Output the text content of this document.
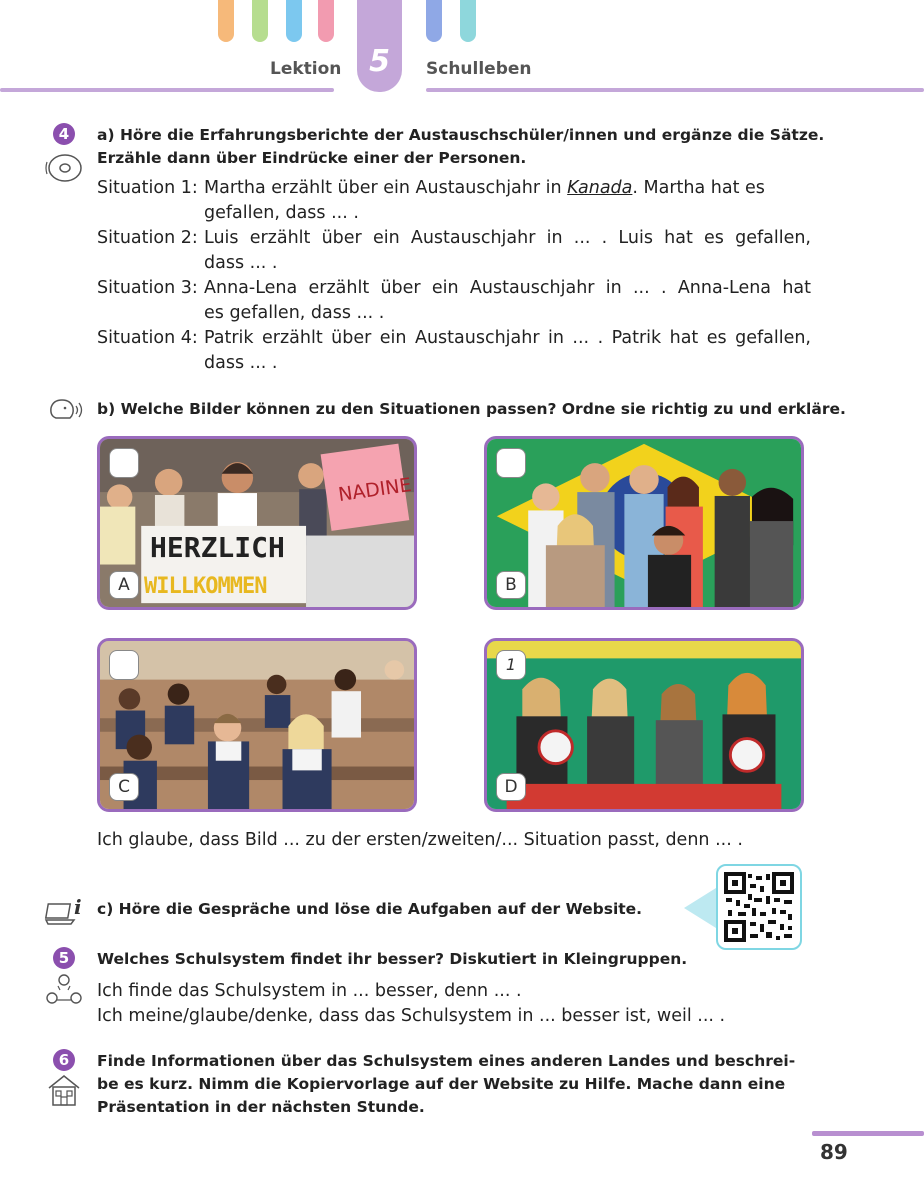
5
Lektion	Schulleben
4	a) Höre die Erfahrungsberichte der Austauschschüler/innen und ergänze die Sätze.
Erzähle dann über Eindrücke einer der Personen.
Situation 1: Martha erzählt über ein Austauschjahr in Kanada. Martha hat es
gefallen, dass ... .
Situation 2: Luis erzählt über ein Austauschjahr in ... . Luis hat es gefallen,
dass ... .
Situation 3: Anna-Lena erzählt über ein Austauschjahr in ... . Anna-Lena hat
es gefallen, dass ... .
Situation 4: Patrik erzählt über ein Austauschjahr in ... . Patrik hat es gefallen,
dass ... .
b) Welche Bilder können zu den Situationen passen? Ordne sie richtig zu und erkläre.
HERZLICH
WILLKOMMEN
NADINE
A	B
C
1
D
Ich glaube, dass Bild ... zu der ersten/zweiten/... Situation passt, denn ... .
i c) Höre die Gespräche und löse die Aufgaben auf der Website.
5	Welches Schulsystem findet ihr besser? Diskutiert in Kleingruppen.
Ich finde das Schulsystem in ... besser, denn ... .
Ich meine/glaube/denke, dass das Schulsystem in ... besser ist, weil ... .
6	Finde Informationen über das Schulsystem eines anderen Landes und beschrei-
be es kurz. Nimm die Kopiervorlage auf der Website zu Hilfe. Mache dann eine
Präsentation in der nächsten Stunde.
89
